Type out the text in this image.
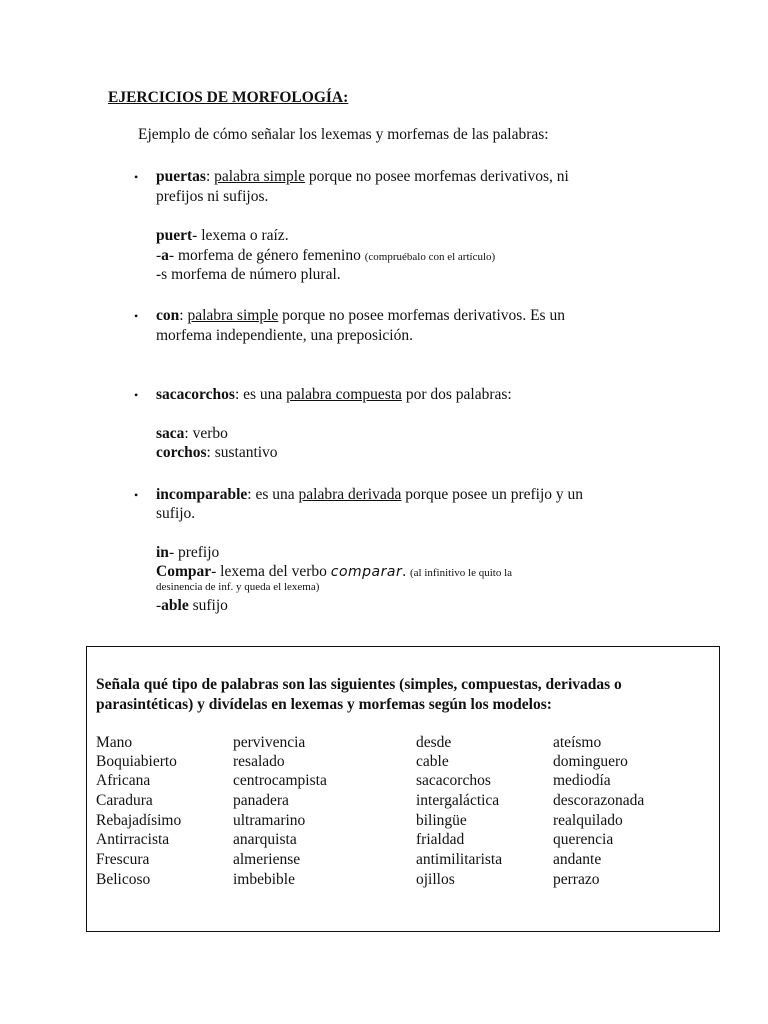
EJERCICIOS DE MORFOLOGÍA:
Ejemplo de cómo señalar los lexemas y morfemas de las palabras:
• puertas: palabra simple porque no posee morfemas derivativos, ni
prefijos ni sufijos.
puert- lexema o raíz.
-a- morfema de género femenino (compruébalo con el artículo)
-s morfema de número plural.
• con: palabra simple porque no posee morfemas derivativos. Es un
morfema independiente, una preposición.
• sacacorchos: es una palabra compuesta por dos palabras:
saca: verbo
corchos: sustantivo
• incomparable: es una palabra derivada porque posee un prefijo y un
sufijo.
in- prefijo
Compar- lexema del verbo comparar. (al infinitivo le quito la
desinencia de inf. y queda el lexema)
-able sufijo
Señala qué tipo de palabras son las siguientes (simples, compuestas, derivadas o
parasintéticas) y divídelas en lexemas y morfemas según los modelos:
Mano
Boquiabierto
Africana
Caradura
Rebajadísimo
Antirracista
Frescura
Belicoso
pervivencia
resalado
centrocampista
panadera
ultramarino
anarquista
almeriense
imbebible
desde
cable
sacacorchos
intergaláctica
bilingüe
frialdad
antimilitarista
ojillos
ateísmo
dominguero
mediodía
descorazonada
realquilado
querencia
andante
perrazo
